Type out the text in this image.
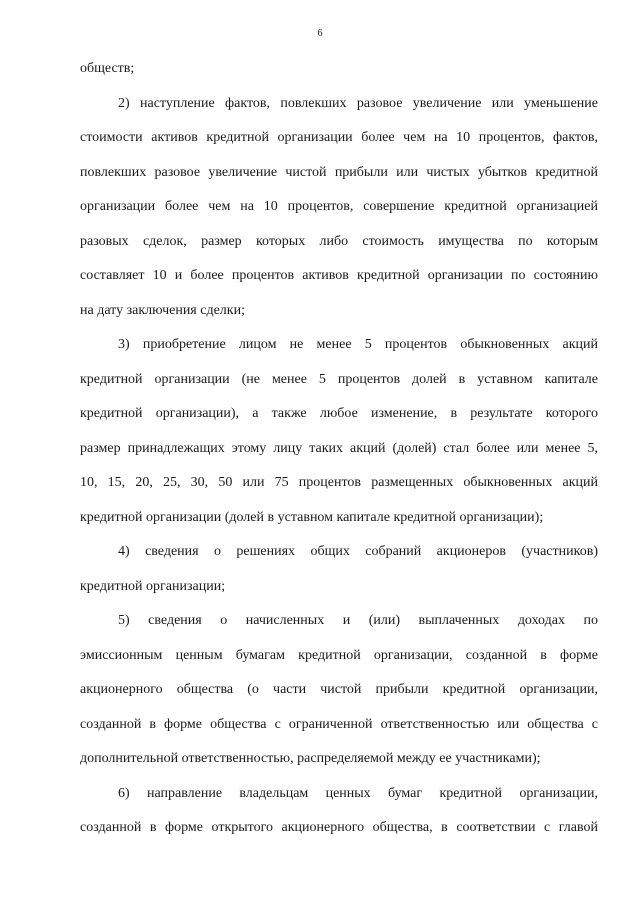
6
обществ;
2) наступление фактов, повлекших разовое увеличение или уменьшение
стоимости активов кредитной организации более чем на 10 процентов, фактов,
повлекших разовое увеличение чистой прибыли или чистых убытков кредитной
организации более чем на 10 процентов, совершение кредитной организацией
разовых сделок, размер которых либо стоимость имущества по которым
составляет 10 и более процентов активов кредитной организации по состоянию
на дату заключения сделки;
3) приобретение лицом не менее 5 процентов обыкновенных акций
кредитной организации (не менее 5 процентов долей в уставном капитале
кредитной организации), а также любое изменение, в результате которого
размер принадлежащих этому лицу таких акций (долей) стал более или менее 5,
10, 15, 20, 25, 30, 50 или 75 процентов размещенных обыкновенных акций
кредитной организации (долей в уставном капитале кредитной организации);
4) сведения о решениях общих собраний акционеров (участников)
кредитной организации;
5) сведения о начисленных и (или) выплаченных доходах по
эмиссионным ценным бумагам кредитной организации, созданной в форме
акционерного общества (о части чистой прибыли кредитной организации,
созданной в форме общества с ограниченной ответственностью или общества с
дополнительной ответственностью, распределяемой между ее участниками);
6) направление владельцам ценных бумаг кредитной организации,
созданной в форме открытого акционерного общества, в соответствии с главой
